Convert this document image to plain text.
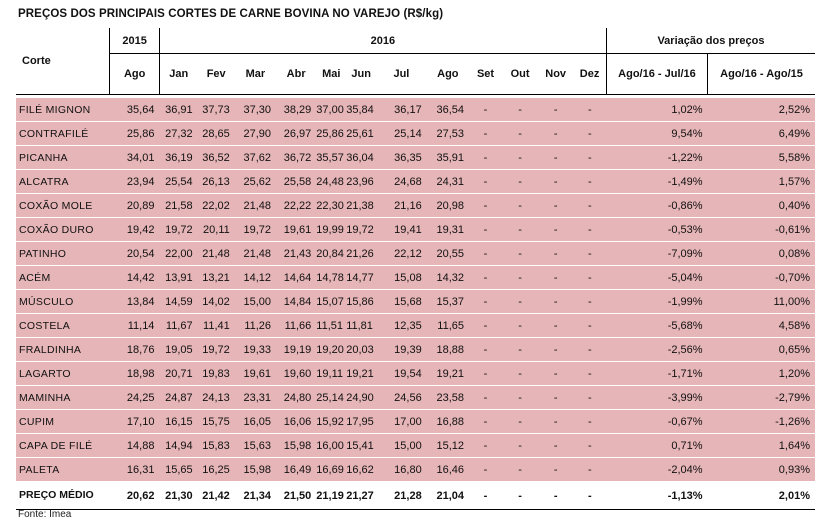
PREÇOS DOS PRINCIPAIS CORTES DE CARNE BOVINA NO VAREJO (R$/kg)
Corte	2015	2016												Variação dos preços	
	Ago	Jan	Fev	Mar	Abr	Mai	Jun	Jul	Ago	Set	Out	Nov	Dez	Ago/16 - Jul/16	Ago/16 - Ago/15

FILÉ MIGNON	35,64	36,91	37,73	37,30	38,29	37,00	35,84	36,17	36,54	-	-	-	-	1,02%	2,52%
CONTRAFILÉ	25,86	27,32	28,65	27,90	26,97	25,86	25,61	25,14	27,53	-	-	-	-	9,54%	6,49%
PICANHA	34,01	36,19	36,52	37,62	36,72	35,57	36,04	36,35	35,91	-	-	-	-	-1,22%	5,58%
ALCATRA	23,94	25,54	26,13	25,62	25,58	24,48	23,96	24,68	24,31	-	-	-	-	-1,49%	1,57%
COXÃO MOLE	20,89	21,58	22,02	21,48	22,22	22,30	21,38	21,16	20,98	-	-	-	-	-0,86%	0,40%
COXÃO DURO	19,42	19,72	20,11	19,72	19,61	19,99	19,72	19,41	19,31	-	-	-	-	-0,53%	-0,61%
PATINHO	20,54	22,00	21,48	21,48	21,43	20,84	21,26	22,12	20,55	-	-	-	-	-7,09%	0,08%
ACÉM	14,42	13,91	13,21	14,12	14,64	14,78	14,77	15,08	14,32	-	-	-	-	-5,04%	-0,70%
MÚSCULO	13,84	14,59	14,02	15,00	14,84	15,07	15,86	15,68	15,37	-	-	-	-	-1,99%	11,00%
COSTELA	11,14	11,67	11,41	11,26	11,66	11,51	11,81	12,35	11,65	-	-	-	-	-5,68%	4,58%
FRALDINHA	18,76	19,05	19,72	19,33	19,19	19,20	20,03	19,39	18,88	-	-	-	-	-2,56%	0,65%
LAGARTO	18,98	20,71	19,83	19,61	19,60	19,11	19,21	19,54	19,21	-	-	-	-	-1,71%	1,20%
MAMINHA	24,25	24,87	24,13	23,31	24,80	25,14	24,90	24,56	23,58	-	-	-	-	-3,99%	-2,79%
CUPIM	17,10	16,15	15,75	16,05	16,06	15,92	17,95	17,00	16,88	-	-	-	-	-0,67%	-1,26%
CAPA DE FILÉ	14,88	14,94	15,83	15,63	15,98	16,00	15,41	15,00	15,12	-	-	-	-	0,71%	1,64%
PALETA	16,31	15,65	16,25	15,98	16,49	16,69	16,62	16,80	16,46	-	-	-	-	-2,04%	0,93%
PREÇO MÉDIO	20,62	21,30	21,42	21,34	21,50	21,19	21,27	21,28	21,04	-	-	-	-	-1,13%	2,01%
Fonte: Imea
